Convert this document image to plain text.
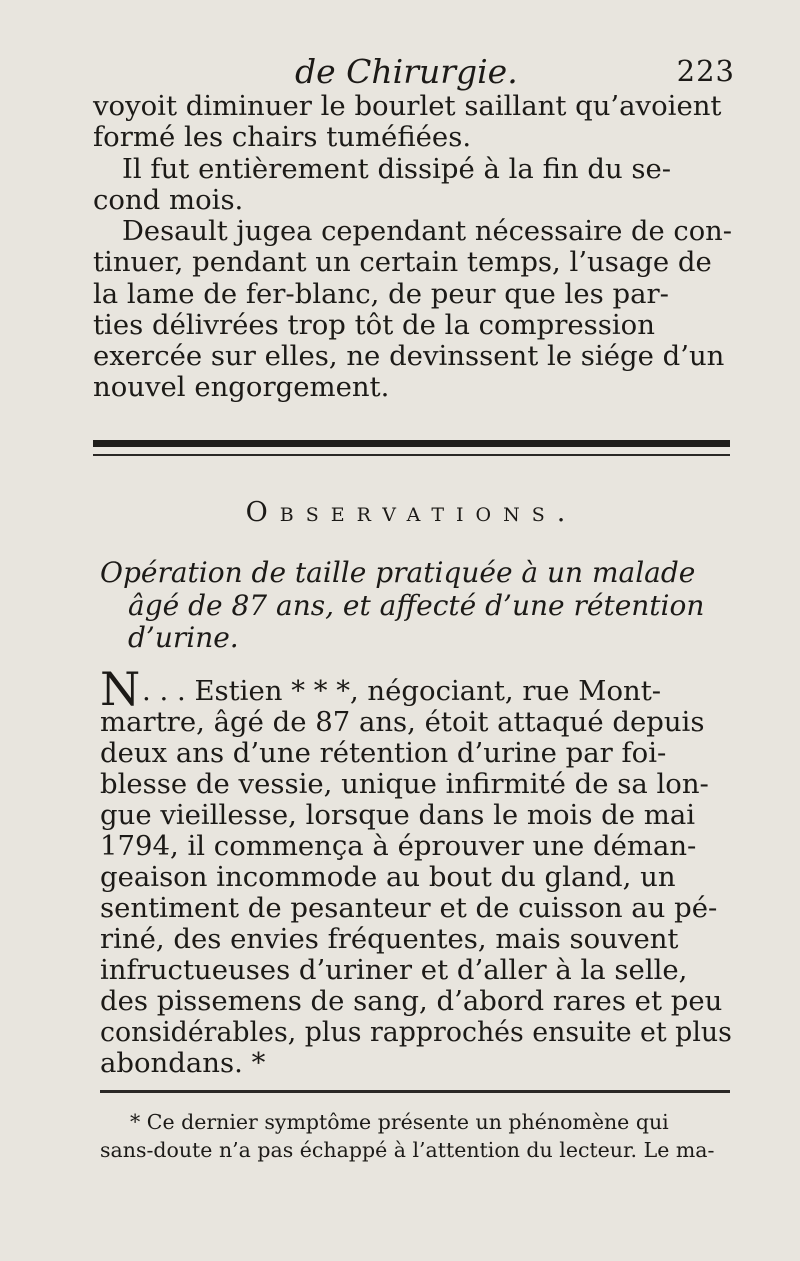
de Chirurgie.	223
voyoit diminuer le bourlet saillant qu’avoient
formé les chairs tuméfiées.
Il fut entièrement dissipé à la fin du se-
cond mois.
Desault jugea cependant nécessaire de con-
tinuer, pendant un certain temps, l’usage de
la lame de fer-blanc, de peur que les par-
ties délivrées trop tôt de la compression
exercée sur elles, ne devinssent le siége d’un
nouvel engorgement.
Observations.
Opération de taille pratiquée à un malade
âgé de 87 ans, et affecté d’une rétention
d’urine.
N . . . Estien * * *, négociant, rue Mont-
martre, âgé de 87 ans, étoit attaqué depuis
deux ans d’une rétention d’urine par foi-
blesse de vessie, unique infirmité de sa lon-
gue vieillesse, lorsque dans le mois de mai
1794, il commença à éprouver une déman-
geaison incommode au bout du gland, un
sentiment de pesanteur et de cuisson au pé-
riné, des envies fréquentes, mais souvent
infructueuses d’uriner et d’aller à la selle,
des pissemens de sang, d’abord rares et peu
considérables, plus rapprochés ensuite et plus
abondans. *
* Ce dernier symptôme présente un phénomène qui
sans-doute n’a pas échappé à l’attention du lecteur. Le ma-
